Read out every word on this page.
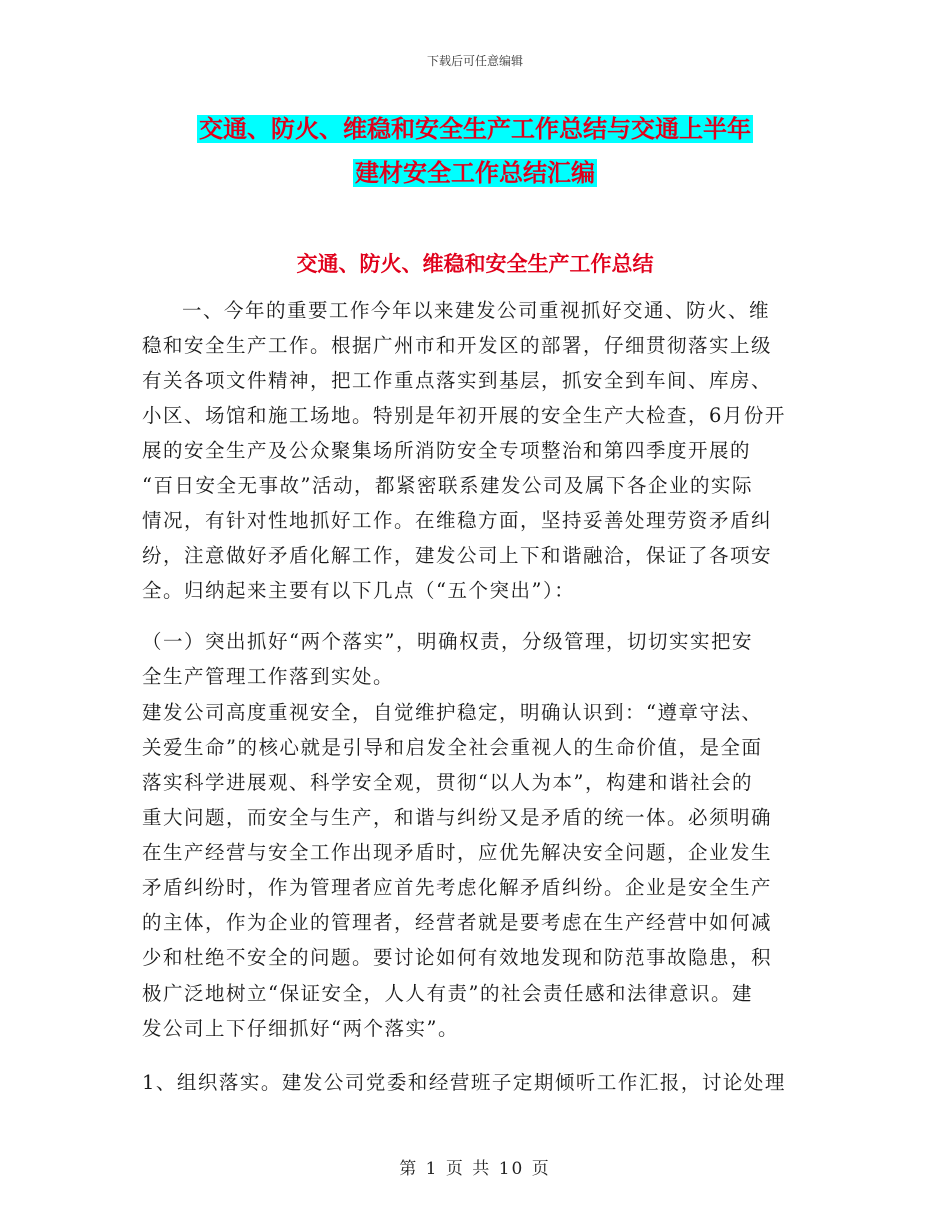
下载后可任意编辑
交通、防火、维稳和安全生产工作总结与交通上半年
建材安全工作总结汇编
交通、防火、维稳和安全生产工作总结
一、今年的重要工作今年以来建发公司重视抓好交通、防火、维
稳和安全生产工作。根据广州市和开发区的部署，仔细贯彻落实上级
有关各项文件精神，把工作重点落实到基层，抓安全到车间、库房、
小区、场馆和施工场地。特别是年初开展的安全生产大检查，6月份开
展的安全生产及公众聚集场所消防安全专项整治和第四季度开展的
“百日安全无事故”活动，都紧密联系建发公司及属下各企业的实际
情况，有针对性地抓好工作。在维稳方面，坚持妥善处理劳资矛盾纠
纷，注意做好矛盾化解工作，建发公司上下和谐融洽，保证了各项安
全。归纳起来主要有以下几点（“五个突出”）：
（一）突出抓好“两个落实”，明确权责，分级管理，切切实实把安
全生产管理工作落到实处。
建发公司高度重视安全，自觉维护稳定，明确认识到：“遵章守法、
关爱生命”的核心就是引导和启发全社会重视人的生命价值，是全面
落实科学进展观、科学安全观，贯彻“以人为本”，构建和谐社会的
重大问题，而安全与生产，和谐与纠纷又是矛盾的统一体。必须明确
在生产经营与安全工作出现矛盾时，应优先解决安全问题，企业发生
矛盾纠纷时，作为管理者应首先考虑化解矛盾纠纷。企业是安全生产
的主体，作为企业的管理者，经营者就是要考虑在生产经营中如何减
少和杜绝不安全的问题。要讨论如何有效地发现和防范事故隐患，积
极广泛地树立“保证安全，人人有责”的社会责任感和法律意识。建
发公司上下仔细抓好“两个落实”。
1、组织落实。建发公司党委和经营班子定期倾听工作汇报，讨论处理
第 1 页 共 10 页
